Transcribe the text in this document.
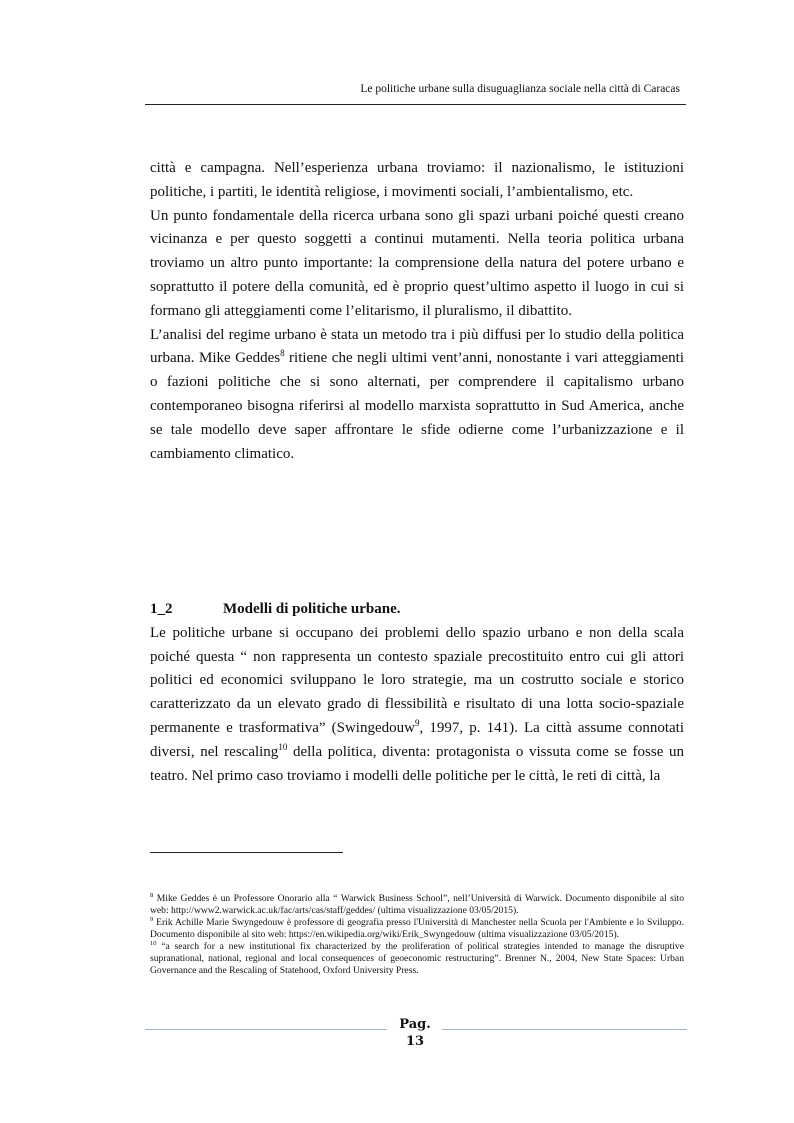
Le politiche urbane sulla disuguaglianza sociale nella città di Caracas

città e campagna. Nell’esperienza urbana troviamo: il nazionalismo, le istituzioni politiche, i partiti, le identità religiose, i movimenti sociali, l’ambientalismo, etc.

Un punto fondamentale della ricerca urbana sono gli spazi urbani poiché questi creano vicinanza e per questo soggetti a continui mutamenti. Nella teoria politica urbana troviamo un altro punto importante: la comprensione della natura del potere urbano e soprattutto il potere della comunità, ed è proprio quest’ultimo aspetto il luogo in cui si formano gli atteggiamenti come l’elitarismo, il pluralismo, il dibattito.

L’analisi del regime urbano è stata un metodo tra i più diffusi per lo studio della politica urbana. Mike Geddes$^8$ ritiene che negli ultimi vent’anni, nonostante i vari atteggiamenti o fazioni politiche che si sono alternati, per comprendere il capitalismo urbano contemporaneo bisogna riferirsi al modello marxista soprattutto in Sud America, anche se tale modello deve saper affrontare le sfide odierne come l’urbanizzazione e il cambiamento climatico.

1_2	Modelli di politiche urbane.

Le politiche urbane si occupano dei problemi dello spazio urbano e non della scala poiché questa “ non rappresenta un contesto spaziale precostituito entro cui gli attori politici ed economici sviluppano le loro strategie, ma un costrutto sociale e storico caratterizzato da un elevato grado di flessibilità e risultato di una lotta socio-spaziale permanente e trasformativa” (Swingedouw$^9$, 1997, p. 141). La città assume connotati diversi, nel rescaling$^{10}$ della politica, diventa: protagonista o vissuta come se fosse un teatro. Nel primo caso troviamo i modelli delle politiche per le città, le reti di città, la

$^8$ Mike Geddes è un Professore Onorario alla “ Warwick Business School”, nell’Università di Warwick. Documento disponibile al sito web: http://www2.warwick.ac.uk/fac/arts/cas/staff/geddes/ (ultima visualizzazione 03/05/2015).

$^9$ Erik Achille Marie Swyngedouw è professore di geografia presso l'Università di Manchester nella Scuola per l'Ambiente e lo Sviluppo. Documento disponibile al sito web: https://en.wikipedia.org/wiki/Erik_Swyngedouw (ultima visualizzazione 03/05/2015).

$^{10}$ “a search for a new institutional fix characterized by the proliferation of political strategies intended to manage the disruptive supranational, national, regional and local consequences of geoeconomic restructuring”. Brenner N., 2004, New State Spaces: Urban Governance and the Rescaling of Statehood, Oxford University Press.

Pag.
13
